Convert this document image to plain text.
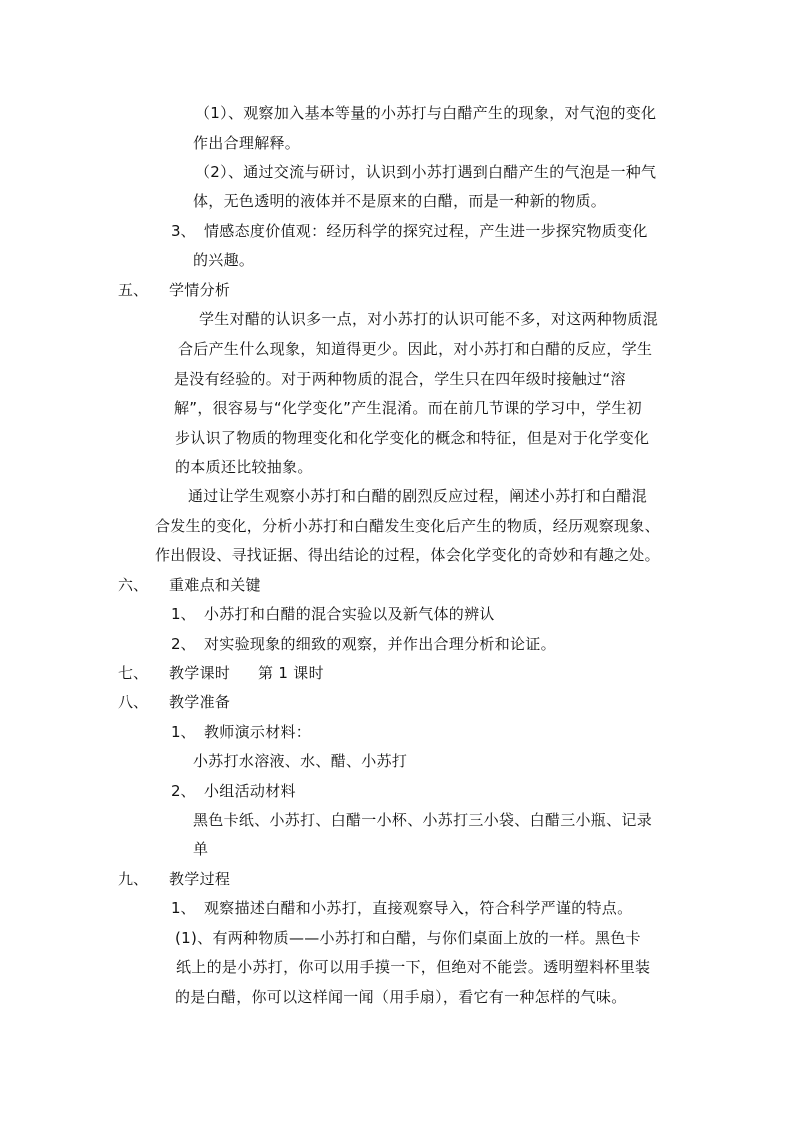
（1）、观察加入基本等量的小苏打与白醋产生的现象，对气泡的变化
作出合理解释。
（2）、通过交流与研讨，认识到小苏打遇到白醋产生的气泡是一种气
体，无色透明的液体并不是原来的白醋，而是一种新的物质。
3、 情感态度价值观：经历科学的探究过程，产生进一步探究物质变化
的兴趣。
五、 学情分析
学生对醋的认识多一点，对小苏打的认识可能不多，对这两种物质混
合后产生什么现象，知道得更少。因此，对小苏打和白醋的反应，学生
是没有经验的。对于两种物质的混合，学生只在四年级时接触过“溶
解”，很容易与“化学变化”产生混淆。而在前几节课的学习中，学生初
步认识了物质的物理变化和化学变化的概念和特征，但是对于化学变化
的本质还比较抽象。
通过让学生观察小苏打和白醋的剧烈反应过程，阐述小苏打和白醋混
合发生的变化，分析小苏打和白醋发生变化后产生的物质，经历观察现象、
作出假设、寻找证据、得出结论的过程，体会化学变化的奇妙和有趣之处。
六、 重难点和关键
1、 小苏打和白醋的混合实验以及新气体的辨认
2、 对实验现象的细致的观察，并作出合理分析和论证。
七、 教学课时 第 1 课时
八、 教学准备
1、 教师演示材料：
小苏打水溶液、水、醋、小苏打
2、 小组活动材料
黑色卡纸、小苏打、白醋一小杯、小苏打三小袋、白醋三小瓶、记录
单
九、 教学过程
1、 观察描述白醋和小苏打，直接观察导入，符合科学严谨的特点。
(1)、有两种物质——小苏打和白醋，与你们桌面上放的一样。黑色卡
纸上的是小苏打，你可以用手摸一下，但绝对不能尝。透明塑料杯里装
的是白醋，你可以这样闻一闻（用手扇），看它有一种怎样的气味。
